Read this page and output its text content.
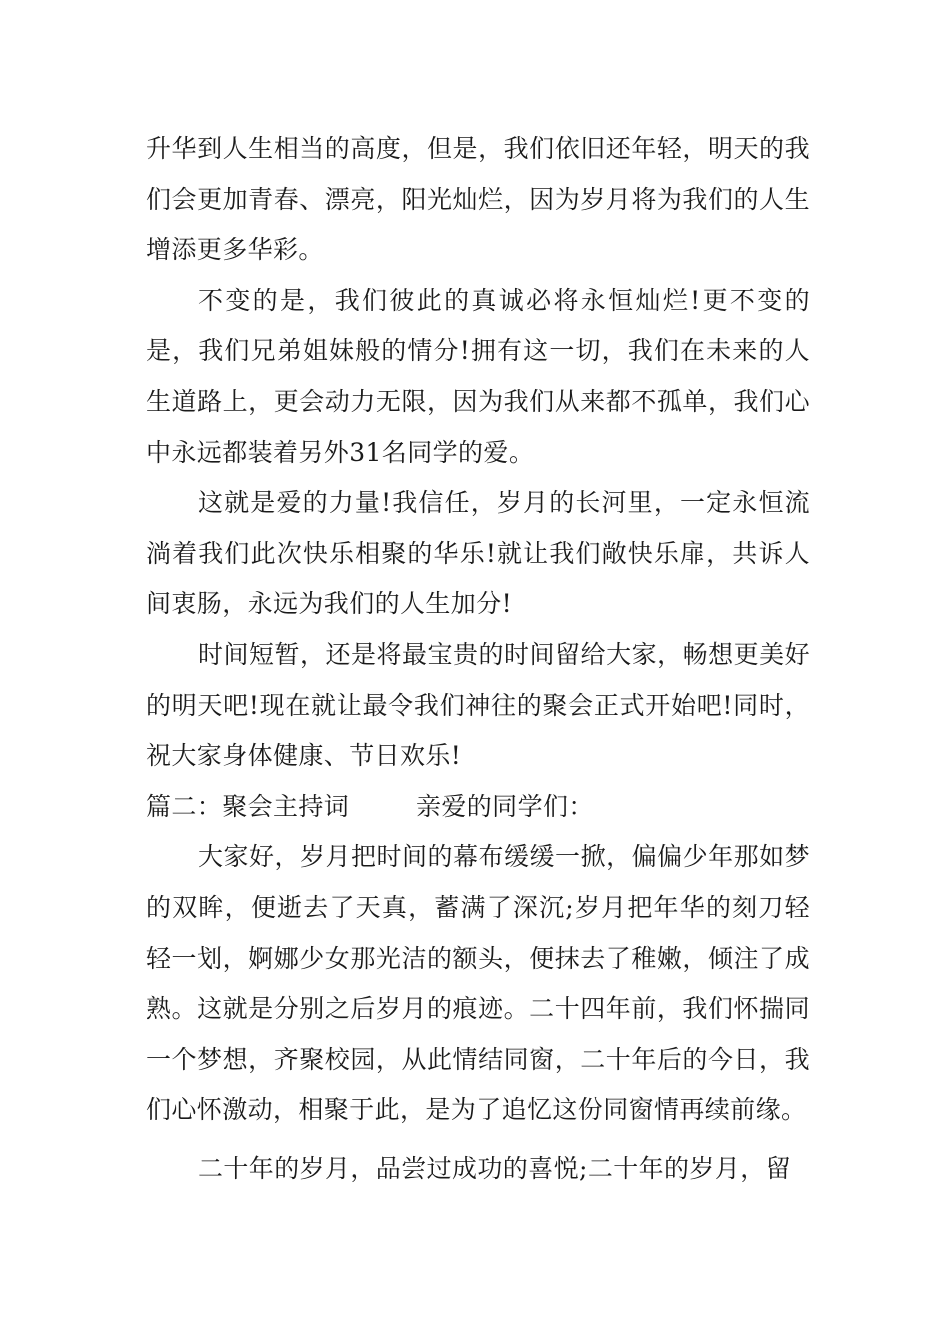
升华到人生相当的高度，但是，我们依旧还年轻，明天的我们会更加青春、漂亮，阳光灿烂，因为岁月将为我们的人生增添更多华彩。

不变的是，我们彼此的真诚必将永恒灿烂!更不变的是，我们兄弟姐妹般的情分!拥有这一切，我们在未来的人生道路上，更会动力无限，因为我们从来都不孤单，我们心中永远都装着另外31名同学的爱。

这就是爱的力量!我信任，岁月的长河里，一定永恒流淌着我们此次快乐相聚的华乐!就让我们敞快乐扉，共诉人间衷肠，永远为我们的人生加分!

时间短暂，还是将最宝贵的时间留给大家，畅想更美好的明天吧!现在就让最令我们神往的聚会正式开始吧!同时，祝大家身体健康、节日欢乐!

篇二：聚会主持词	亲爱的同学们：

大家好，岁月把时间的幕布缓缓一掀，偏偏少年那如梦的双眸，便逝去了天真，蓄满了深沉;岁月把年华的刻刀轻轻一划，婀娜少女那光洁的额头，便抹去了稚嫩，倾注了成熟。这就是分别之后岁月的痕迹。二十四年前，我们怀揣同一个梦想，齐聚校园，从此情结同窗，二十年后的今日，我们心怀激动，相聚于此，是为了追忆这份同窗情再续前缘。

二十年的岁月，品尝过成功的喜悦;二十年的岁月，留
